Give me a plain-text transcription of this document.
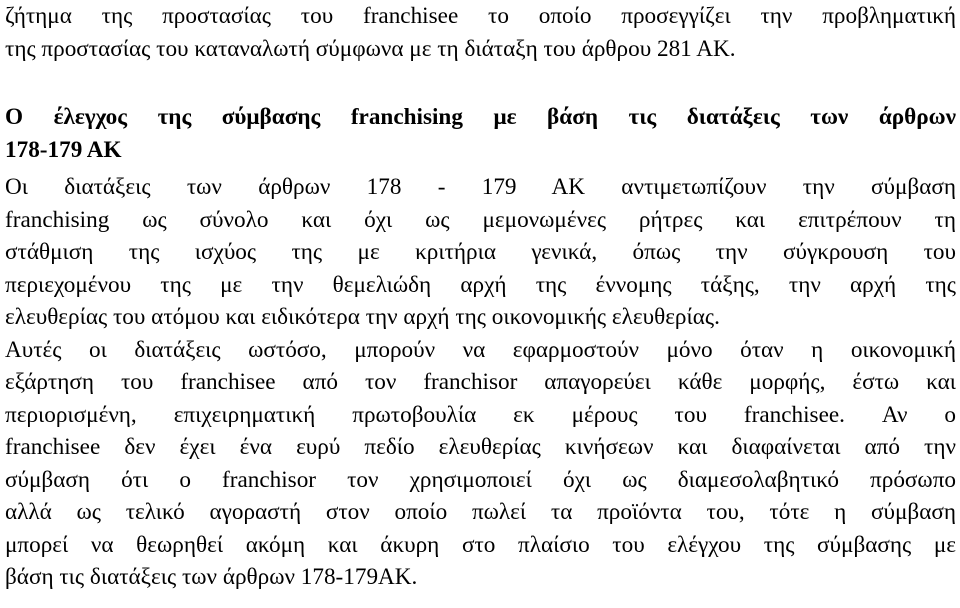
ζήτημα της προστασίας του franchisee το οποίο προσεγγίζει την προβληματική
της προστασίας του καταναλωτή σύμφωνα με τη διάταξη του άρθρου 281 ΑΚ.
Ο έλεγχος της σύμβασης franchising με βάση τις διατάξεις των άρθρων
178-179 ΑΚ
Οι διατάξεις των άρθρων 178 - 179 ΑΚ αντιμετωπίζουν την σύμβαση
franchising ως σύνολο και όχι ως μεμονωμένες ρήτρες και επιτρέπουν τη
στάθμιση της ισχύος της με κριτήρια γενικά, όπως την σύγκρουση του
περιεχομένου της με την θεμελιώδη αρχή της έννομης τάξης, την αρχή της
ελευθερίας του ατόμου και ειδικότερα την αρχή της οικονομικής ελευθερίας.
Αυτές οι διατάξεις ωστόσο, μπορούν να εφαρμοστούν μόνο όταν η οικονομική
εξάρτηση του franchisee από τον franchisor απαγορεύει κάθε μορφής, έστω και
περιορισμένη, επιχειρηματική πρωτοβουλία εκ μέρους του franchisee. Αν ο
franchisee δεν έχει ένα ευρύ πεδίο ελευθερίας κινήσεων και διαφαίνεται από την
σύμβαση ότι ο franchisor τον χρησιμοποιεί όχι ως διαμεσολαβητικό πρόσωπο
αλλά ως τελικό αγοραστή στον οποίο πωλεί τα προϊόντα του, τότε η σύμβαση
μπορεί να θεωρηθεί ακόμη και άκυρη στο πλαίσιο του ελέγχου της σύμβασης με
βάση τις διατάξεις των άρθρων 178-179ΑΚ.
